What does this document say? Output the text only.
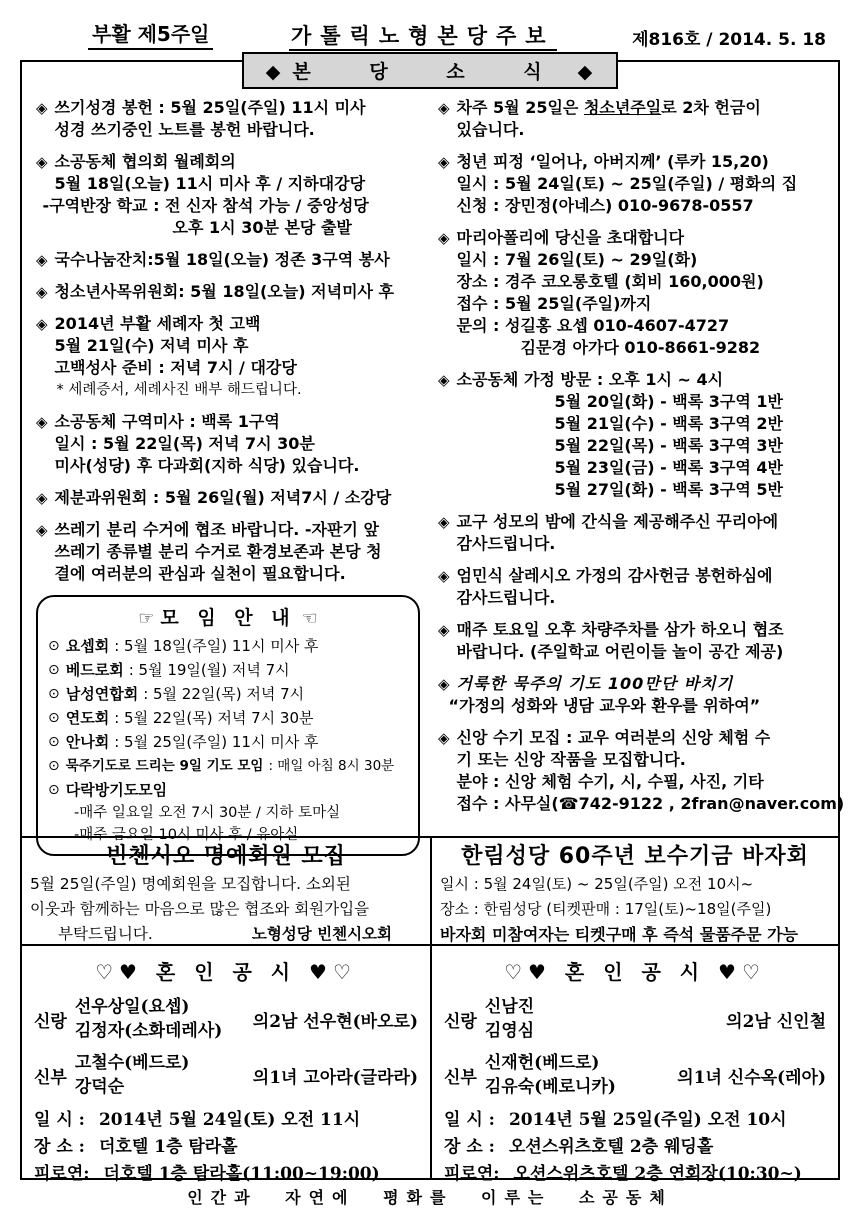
부활 제5주일	가톨릭노형본당주보	제816호 / 2014. 5. 18
◆ 본 당 소 식 ◆
◈ 쓰기성경 봉헌 : 5월 25일(주일) 11시 미사
성경 쓰기중인 노트를 봉헌 바랍니다.
◈ 소공동체 협의회 월례회의
5월 18일(오늘) 11시 미사 후 / 지하대강당
-구역반장 학교 : 전 신자 참석 가능 / 중앙성당
오후 1시 30분 본당 출발
◈ 국수나눔잔치:5월 18일(오늘) 정존 3구역 봉사
◈ 청소년사목위원회: 5월 18일(오늘) 저녁미사 후
◈ 2014년 부활 세례자 첫 고백
5월 21일(수) 저녁 미사 후
고백성사 준비 : 저녁 7시 / 대강당
* 세례증서, 세례사진 배부 해드립니다.
◈ 소공동체 구역미사 : 백록 1구역
일시 : 5월 22일(목) 저녁 7시 30분
미사(성당) 후 다과회(지하 식당) 있습니다.
◈ 제분과위원회 : 5월 26일(월) 저녁7시 / 소강당
◈ 쓰레기 분리 수거에 협조 바랍니다. -자판기 앞
쓰레기 종류별 분리 수거로 환경보존과 본당 청
결에 여러분의 관심과 실천이 필요합니다.
☞ 모 임 안 내 ☜
⊙ 요셉회 : 5월 18일(주일) 11시 미사 후
⊙ 베드로회 : 5월 19일(월) 저녁 7시
⊙ 남성연합회 : 5월 22일(목) 저녁 7시
⊙ 연도회 : 5월 22일(목) 저녁 7시 30분
⊙ 안나회 : 5월 25일(주일) 11시 미사 후
⊙ 묵주기도로 드리는 9일 기도 모임 : 매일 아침 8시 30분
⊙ 다락방기도모임
-매주 일요일 오전 7시 30분 / 지하 토마실
-매주 금요일 10시 미사 후 / 유아실
◈ 차주 5월 25일은 청소년주일로 2차 헌금이
있습니다.
◈ 청년 피정 ‘일어나, 아버지께’ (루카 15,20)
일시 : 5월 24일(토) ~ 25일(주일) / 평화의 집
신청 : 장민정(아네스) 010-9678-0557
◈ 마리아폴리에 당신을 초대합니다
일시 : 7월 26일(토) ~ 29일(화)
장소 : 경주 코오롱호텔 (회비 160,000원)
접수 : 5월 25일(주일)까지
문의 : 성길홍 요셉 010-4607-4727
김문경 아가다 010-8661-9282
◈ 소공동체 가정 방문 : 오후 1시 ~ 4시
5월 20일(화) - 백록 3구역 1반
5월 21일(수) - 백록 3구역 2반
5월 22일(목) - 백록 3구역 3반
5월 23일(금) - 백록 3구역 4반
5월 27일(화) - 백록 3구역 5반
◈ 교구 성모의 밤에 간식을 제공해주신 꾸리아에
감사드립니다.
◈ 엄민식 살레시오 가정의 감사헌금 봉헌하심에
감사드립니다.
◈ 매주 토요일 오후 차량주차를 삼가 하오니 협조
바랍니다. (주일학교 어린이들 놀이 공간 제공)
◈ 거룩한 묵주의 기도 100만단 바치기
“가정의 성화와 냉담 교우와 환우를 위하여”
◈ 신앙 수기 모집 : 교우 여러분의 신앙 체험 수
기 또는 신앙 작품을 모집합니다.
분야 : 신앙 체험 수기, 시, 수필, 사진, 기타
접수 : 사무실(☎742-9122 , 2fran@naver.com)
빈첸시오 명예회원 모집
5월 25일(주일) 명예회원을 모집합니다. 소외된
이웃과 함께하는 마음으로 많은 협조와 회원가입을
부탁드립니다.	노형성당 빈첸시오회
한림성당 60주년 보수기금 바자회
일시 : 5월 24일(토) ~ 25일(주일) 오전 10시~
장소 : 한림성당 (티켓판매 : 17일(토)~18일(주일)
바자회 미참여자는 티켓구매 후 즉석 물품주문 가능
♡♥ 혼 인 공 시 ♥♡
신랑
선우상일(요셉)
김정자(소화데레사)	의2남 선우현(바오로)
신부
고철수(베드로)
강덕순	의1녀 고아라(글라라)
일 시 : 2014년 5월 24일(토) 오전 11시
장 소 : 더호텔 1층 탐라홀
피로연: 더호텔 1층 탐라홀(11:00~19:00)
♡♥ 혼 인 공 시 ♥♡
신랑
신남진
김영심	의2남 신인철
신부
신재헌(베드로)
김유숙(베로니카)	의1녀 신수옥(레아)
일 시 : 2014년 5월 25일(주일) 오전 10시
장 소 : 오션스위츠호텔 2층 웨딩홀
피로연: 오션스위츠호텔 2층 연회장(10:30~)
인간과 자연에 평화를 이루는 소공동체
